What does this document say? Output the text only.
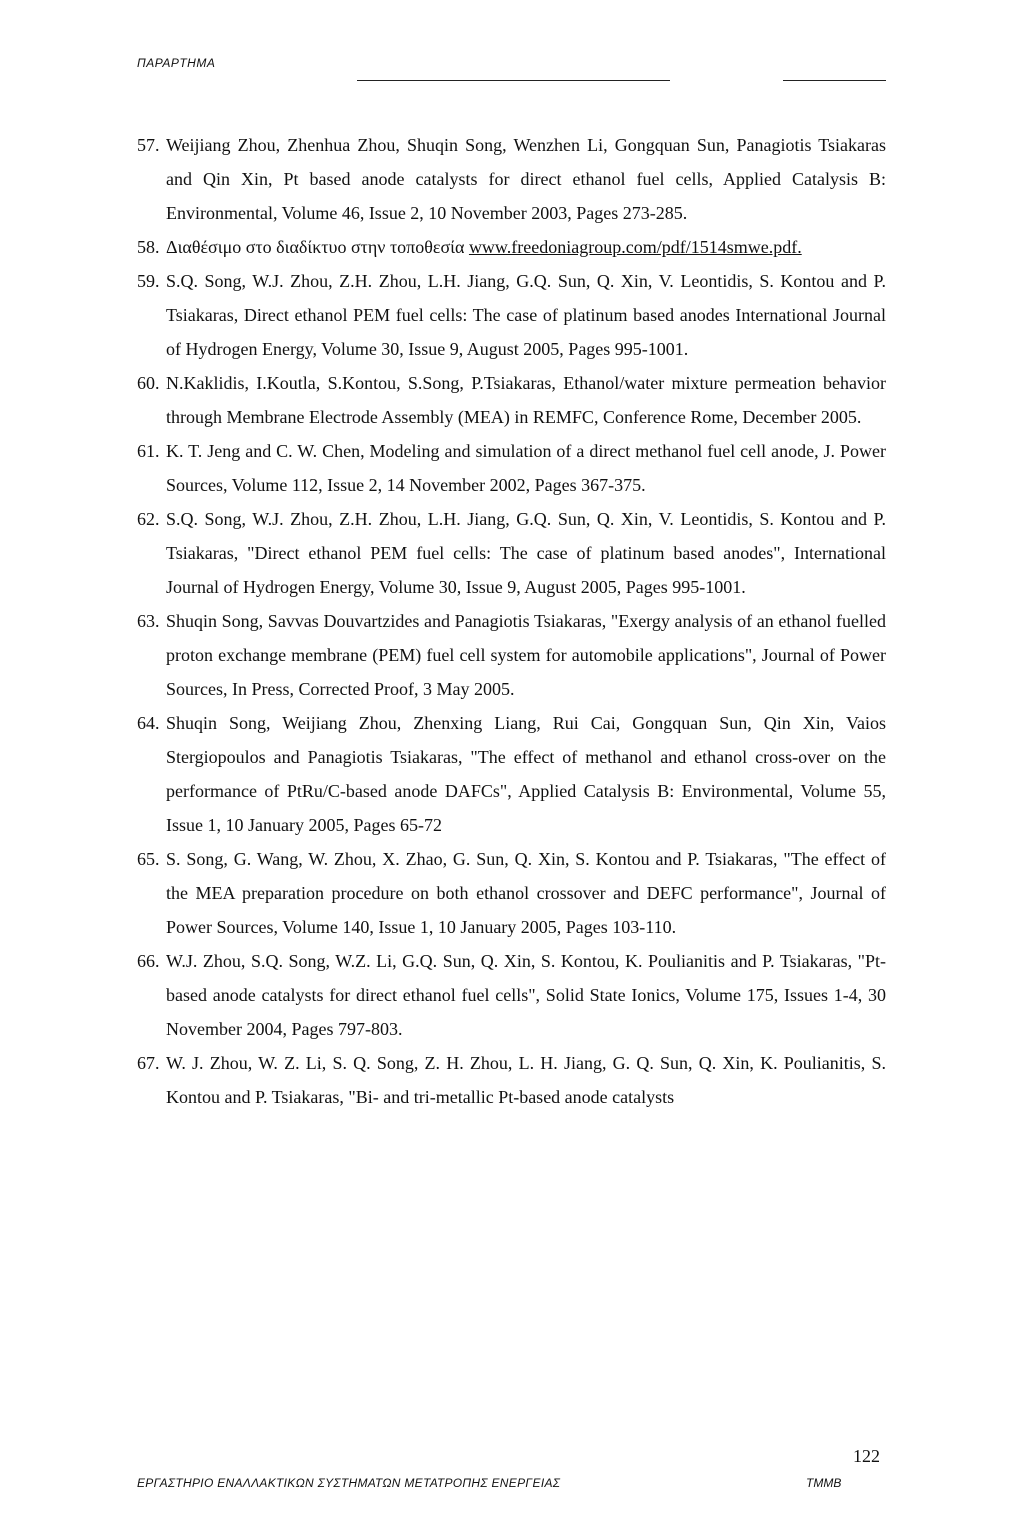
ΠΑΡΑΡΤΗΜΑ
57. Weijiang Zhou, Zhenhua Zhou, Shuqin Song, Wenzhen Li, Gongquan Sun, Panagiotis Tsiakaras and Qin Xin, Pt based anode catalysts for direct ethanol fuel cells, Applied Catalysis B: Environmental, Volume 46, Issue 2, 10 November 2003, Pages 273-285.
58. Διαθέσιμο στο διαδίκτυο στην τοποθεσία www.freedoniagroup.com/pdf/1514smwe.pdf.
59. S.Q. Song, W.J. Zhou, Z.H. Zhou, L.H. Jiang, G.Q. Sun, Q. Xin, V. Leontidis, S. Kontou and P. Tsiakaras, Direct ethanol PEM fuel cells: The case of platinum based anodes International Journal of Hydrogen Energy, Volume 30, Issue 9, August 2005, Pages 995-1001.
60. N.Kaklidis, I.Koutla, S.Kontou, S.Song, P.Tsiakaras, Ethanol/water mixture permeation behavior through Membrane Electrode Assembly (MEA) in REMFC, Conference Rome, December 2005.
61. K. T. Jeng and C. W. Chen, Modeling and simulation of a direct methanol fuel cell anode, J. Power Sources, Volume 112, Issue 2, 14 November 2002, Pages 367-375.
62. S.Q. Song, W.J. Zhou, Z.H. Zhou, L.H. Jiang, G.Q. Sun, Q. Xin, V. Leontidis, S. Kontou and P. Tsiakaras, "Direct ethanol PEM fuel cells: The case of platinum based anodes", International Journal of Hydrogen Energy, Volume 30, Issue 9, August 2005, Pages 995-1001.
63. Shuqin Song, Savvas Douvartzides and Panagiotis Tsiakaras, "Exergy analysis of an ethanol fuelled proton exchange membrane (PEM) fuel cell system for automobile applications", Journal of Power Sources, In Press, Corrected Proof, 3 May 2005.
64. Shuqin Song, Weijiang Zhou, Zhenxing Liang, Rui Cai, Gongquan Sun, Qin Xin, Vaios Stergiopoulos and Panagiotis Tsiakaras, "The effect of methanol and ethanol cross-over on the performance of PtRu/C-based anode DAFCs", Applied Catalysis B: Environmental, Volume 55, Issue 1, 10 January 2005, Pages 65-72
65. S. Song, G. Wang, W. Zhou, X. Zhao, G. Sun, Q. Xin, S. Kontou and P. Tsiakaras, "The effect of the MEA preparation procedure on both ethanol crossover and DEFC performance", Journal of Power Sources, Volume 140, Issue 1, 10 January 2005, Pages 103-110.
66. W.J. Zhou, S.Q. Song, W.Z. Li, G.Q. Sun, Q. Xin, S. Kontou, K. Poulianitis and P. Tsiakaras, "Pt-based anode catalysts for direct ethanol fuel cells", Solid State Ionics, Volume 175, Issues 1-4, 30 November 2004, Pages 797-803.
67. W. J. Zhou, W. Z. Li, S. Q. Song, Z. H. Zhou, L. H. Jiang, G. Q. Sun, Q. Xin, K. Poulianitis, S. Kontou and P. Tsiakaras, "Bi- and tri-metallic Pt-based anode catalysts
122
ΕΡΓΑΣΤΗΡΙΟ ΕΝΑΛΛΑΚΤΙΚΩΝ ΣΥΣΤΗΜΑΤΩΝ ΜΕΤΑΤΡΟΠΗΣ ΕΝΕΡΓΕΙΑΣ	ΤΜΜΒ
